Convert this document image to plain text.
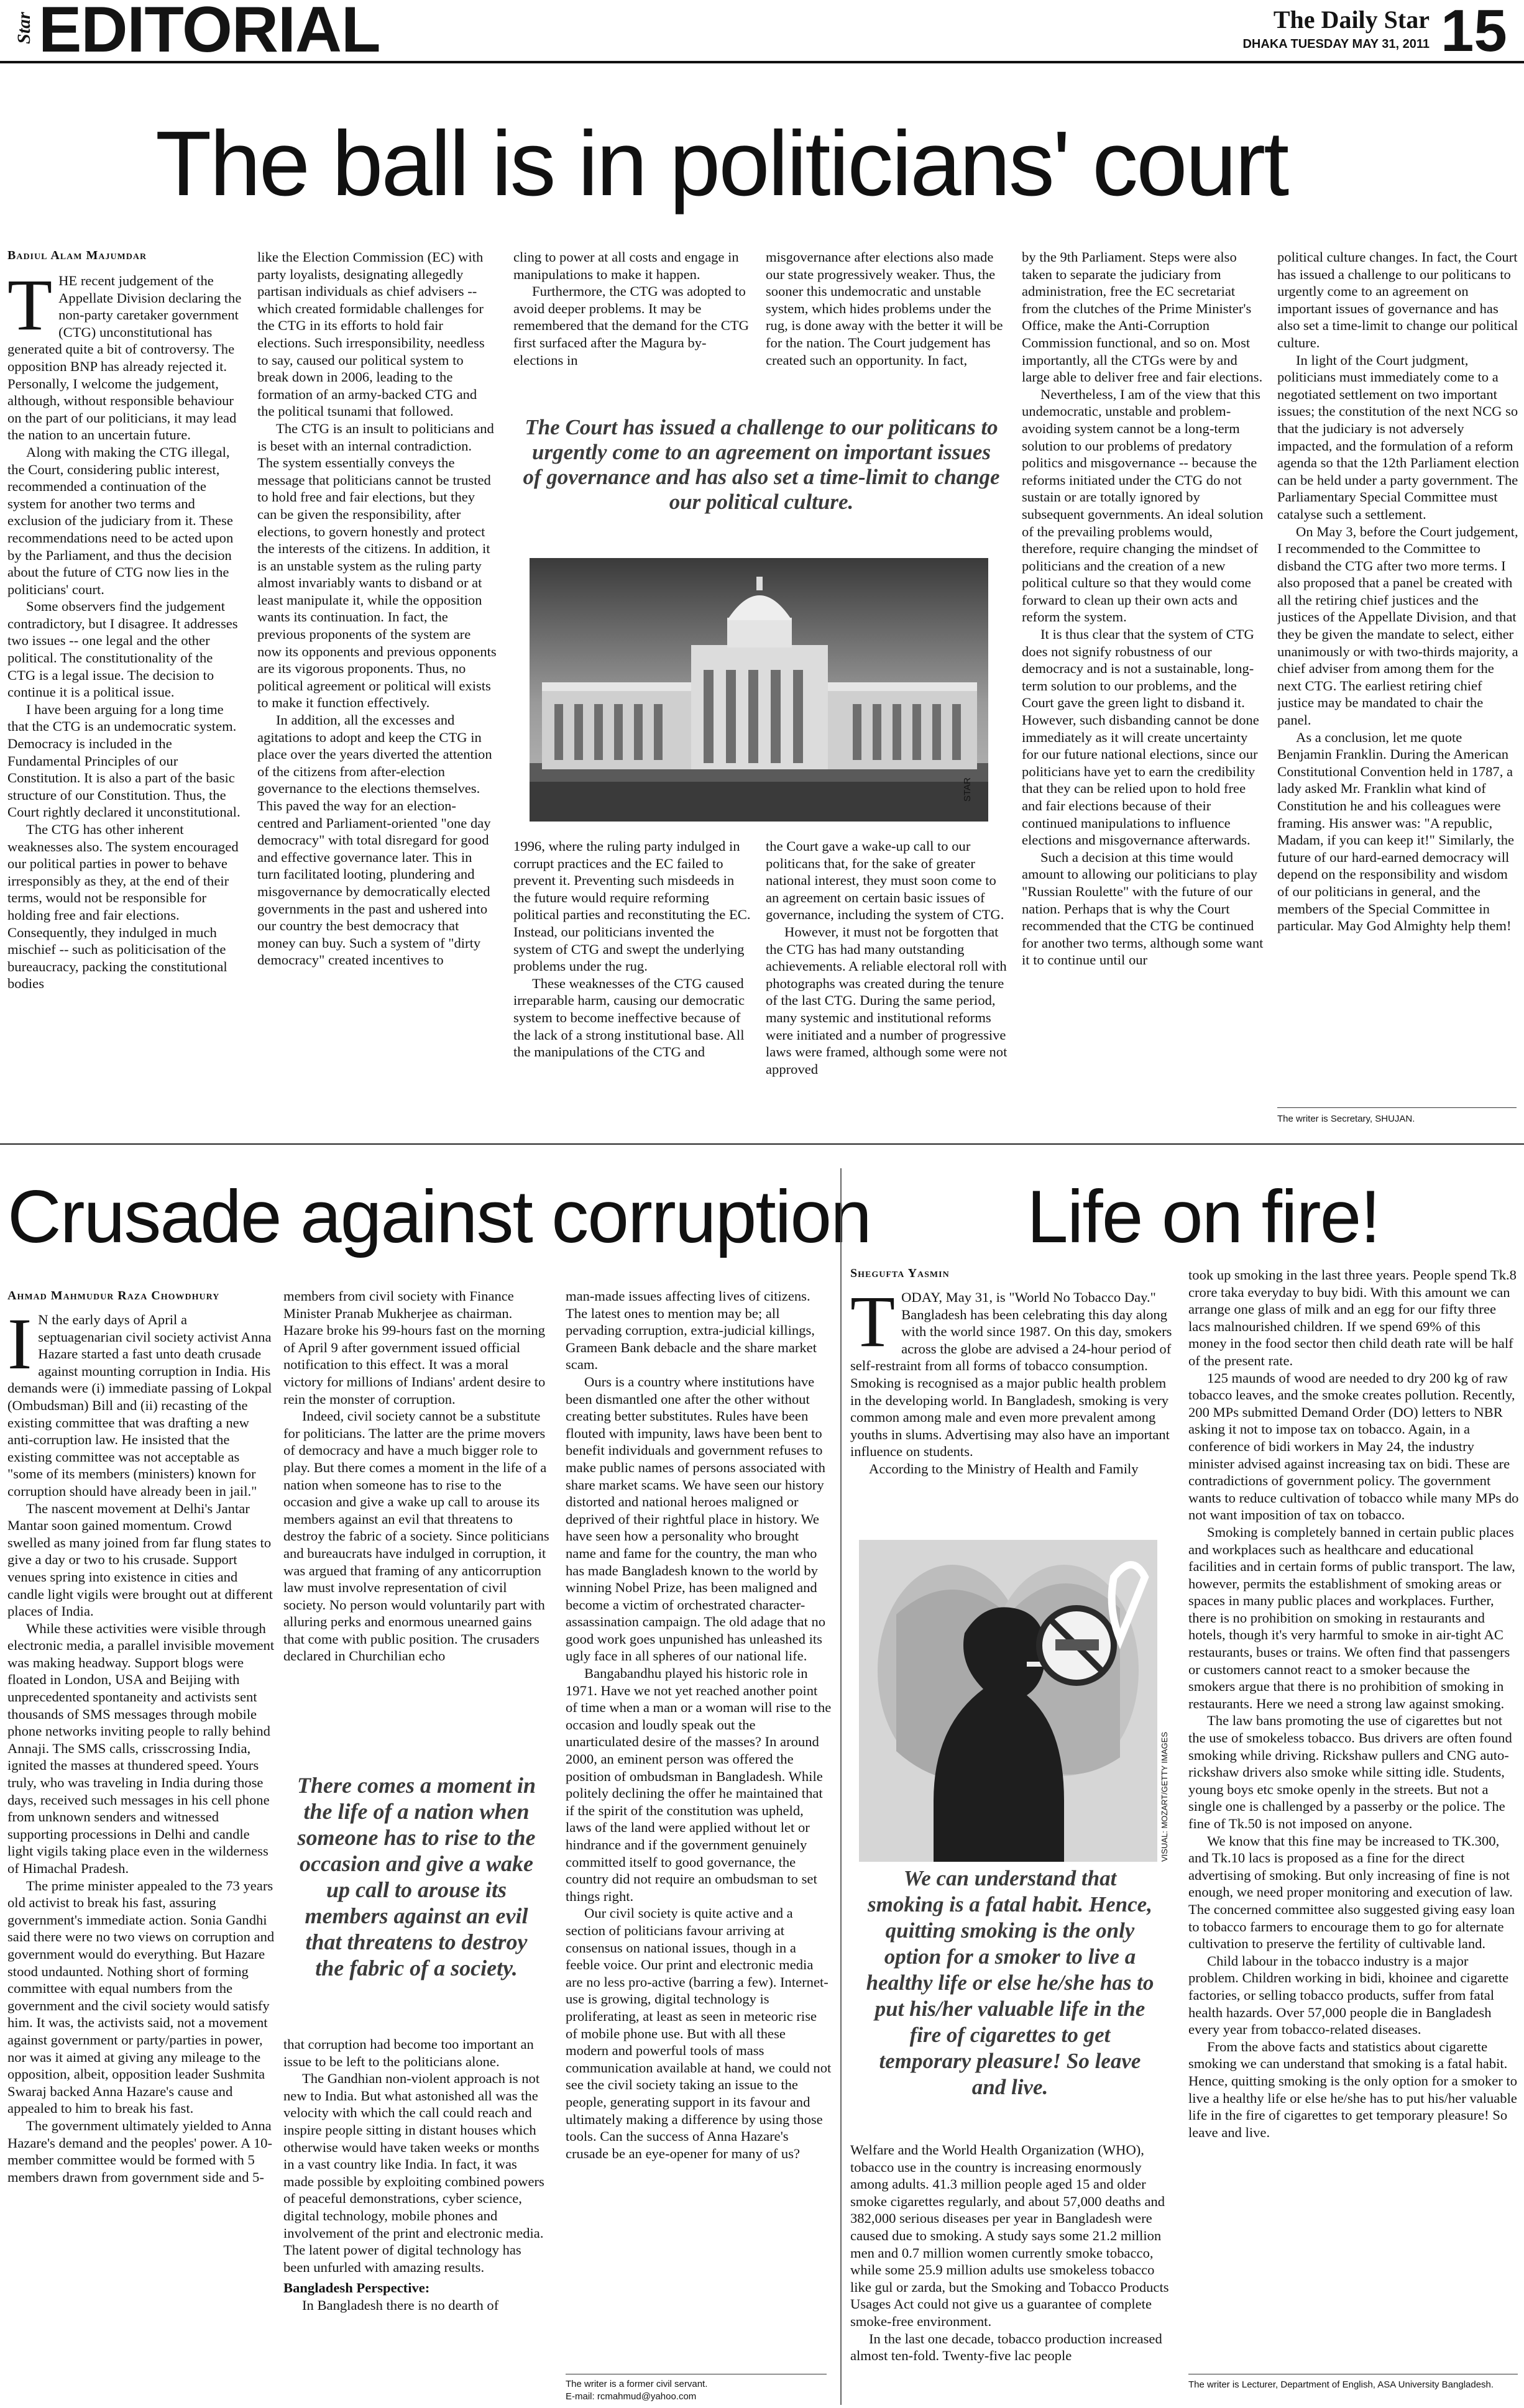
Star EDITORIAL	The Daily Star
DHAKA TUESDAY MAY 31, 2011 15
The ball is in politicians' court
Badiul Alam Majumdar
T HE recent judgement of the Appellate Division declaring the non-party caretaker government (CTG) unconstitutional has generated quite a bit of controversy. The opposition BNP has already rejected it. Personally, I welcome the judgement, although, without responsible behaviour on the part of our politicians, it may lead the nation to an uncertain future.

Along with making the CTG illegal, the Court, considering public interest, recommended a continuation of the system for another two terms and exclusion of the judiciary from it. These recommendations need to be acted upon by the Parliament, and thus the decision about the future of CTG now lies in the politicians' court.

Some observers find the judgement contradictory, but I disagree. It addresses two issues -- one legal and the other political. The constitutionality of the CTG is a legal issue. The decision to continue it is a political issue.

I have been arguing for a long time that the CTG is an undemocratic system. Democracy is included in the Fundamental Principles of our Constitution. It is also a part of the basic structure of our Constitution. Thus, the Court rightly declared it unconstitutional.

The CTG has other inherent weaknesses also. The system encouraged our political parties in power to behave irresponsibly as they, at the end of their terms, would not be responsible for holding free and fair elections. Consequently, they indulged in much mischief -- such as politicisation of the bureaucracy, packing the constitutional bodies

like the Election Commission (EC) with party loyalists, designating allegedly partisan individuals as chief advisers -- which created formidable challenges for the CTG in its efforts to hold fair elections. Such irresponsibility, needless to say, caused our political system to break down in 2006, leading to the formation of an army-backed CTG and the political tsunami that followed.

The CTG is an insult to politicians and is beset with an internal contradiction. The system essentially conveys the message that politicians cannot be trusted to hold free and fair elections, but they can be given the responsibility, after elections, to govern honestly and protect the interests of the citizens. In addition, it is an unstable system as the ruling party almost invariably wants to disband or at least manipulate it, while the opposition wants its continuation. In fact, the previous proponents of the system are now its opponents and previous opponents are its vigorous proponents. Thus, no political agreement or political will exists to make it function effectively.

In addition, all the excesses and agitations to adopt and keep the CTG in place over the years diverted the attention of the citizens from after-election governance to the elections themselves. This paved the way for an election-centred and Parliament-oriented "one day democracy" with total disregard for good and effective governance later. This in turn facilitated looting, plundering and misgovernance by democratically elected governments in the past and ushered into our country the best democracy that money can buy. Such a system of "dirty democracy" created incentives to

cling to power at all costs and engage in manipulations to make it happen.

Furthermore, the CTG was adopted to avoid deeper problems. It may be remembered that the demand for the CTG first surfaced after the Magura by-elections in

misgovernance after elections also made our state progressively weaker. Thus, the sooner this undemocratic and unstable system, which hides problems under the rug, is done away with the better it will be for the nation. The Court judgement has created such an opportunity. In fact,

The Court has issued a challenge to our politicans to urgently come to an agreement on important issues of governance and has also set a time-limit to change our political culture.
STAR

1996, where the ruling party indulged in corrupt practices and the EC failed to prevent it. Preventing such misdeeds in the future would require reforming political parties and reconstituting the EC. Instead, our politicians invented the system of CTG and swept the underlying problems under the rug.

These weaknesses of the CTG caused irreparable harm, causing our democratic system to become ineffective because of the lack of a strong institutional base. All the manipulations of the CTG and

the Court gave a wake-up call to our politicans that, for the sake of greater national interest, they must soon come to an agreement on certain basic issues of governance, including the system of CTG.

However, it must not be forgotten that the CTG has had many outstanding achievements. A reliable electoral roll with photographs was created during the tenure of the last CTG. During the same period, many systemic and institutional reforms were initiated and a number of progressive laws were framed, although some were not approved

by the 9th Parliament. Steps were also taken to separate the judiciary from administration, free the EC secretariat from the clutches of the Prime Minister's Office, make the Anti-Corruption Commission functional, and so on. Most importantly, all the CTGs were by and large able to deliver free and fair elections.

Nevertheless, I am of the view that this undemocratic, unstable and problem-avoiding system cannot be a long-term solution to our problems of predatory politics and misgovernance -- because the reforms initiated under the CTG do not sustain or are totally ignored by subsequent governments. An ideal solution of the prevailing problems would, therefore, require changing the mindset of politicians and the creation of a new political culture so that they would come forward to clean up their own acts and reform the system.

It is thus clear that the system of CTG does not signify robustness of our democracy and is not a sustainable, long-term solution to our problems, and the Court gave the green light to disband it. However, such disbanding cannot be done immediately as it will create uncertainty for our future national elections, since our politicians have yet to earn the credibility that they can be relied upon to hold free and fair elections because of their continued manipulations to influence elections and misgovernance afterwards.

Such a decision at this time would amount to allowing our politicians to play "Russian Roulette" with the future of our nation. Perhaps that is why the Court recommended that the CTG be continued for another two terms, although some want it to continue until our

political culture changes. In fact, the Court has issued a challenge to our politicans to urgently come to an agreement on important issues of governance and has also set a time-limit to change our political culture.

In light of the Court judgment, politicians must immediately come to a negotiated settlement on two important issues; the constitution of the next NCG so that the judiciary is not adversely impacted, and the formulation of a reform agenda so that the 12th Parliament election can be held under a party government. The Parliamentary Special Committee must catalyse such a settlement.

On May 3, before the Court judgement, I recommended to the Committee to disband the CTG after two more terms. I also proposed that a panel be created with all the retiring chief justices and the justices of the Appellate Division, and that they be given the mandate to select, either unanimously or with two-thirds majority, a chief adviser from among them for the next CTG. The earliest retiring chief justice may be mandated to chair the panel.

As a conclusion, let me quote Benjamin Franklin. During the American Constitutional Convention held in 1787, a lady asked Mr. Franklin what kind of Constitution he and his colleagues were framing. His answer was: "A republic, Madam, if you can keep it!" Similarly, the future of our hard-earned democracy will depend on the responsibility and wisdom of our politicians in general, and the members of the Special Committee in particular. May God Almighty help them!

The writer is Secretary, SHUJAN.
Crusade against corruption
Ahmad Mahmudur Raza Chowdhury
I N the early days of April a septuagenarian civil society activist Anna Hazare started a fast unto death crusade against mounting corruption in India. His demands were (i) immediate passing of Lokpal (Ombudsman) Bill and (ii) recasting of the existing committee that was drafting a new anti-corruption law. He insisted that the existing committee was not acceptable as "some of its members (ministers) known for corruption should have already been in jail."

The nascent movement at Delhi's Jantar Mantar soon gained momentum. Crowd swelled as many joined from far flung states to give a day or two to his crusade. Support venues spring into existence in cities and candle light vigils were brought out at different places of India.

While these activities were visible through electronic media, a parallel invisible movement was making headway. Support blogs were floated in London, USA and Beijing with unprecedented spontaneity and activists sent thousands of SMS messages through mobile phone networks inviting people to rally behind Annaji. The SMS calls, crisscrossing India, ignited the masses at thundered speed. Yours truly, who was traveling in India during those days, received such messages in his cell phone from unknown senders and witnessed supporting processions in Delhi and candle light vigils taking place even in the wilderness of Himachal Pradesh.

The prime minister appealed to the 73 years old activist to break his fast, assuring government's immediate action. Sonia Gandhi said there were no two views on corruption and government would do everything. But Hazare stood undaunted. Nothing short of forming committee with equal numbers from the government and the civil society would satisfy him. It was, the activists said, not a movement against government or party/parties in power, nor was it aimed at giving any mileage to the opposition, albeit, opposition leader Sushmita Swaraj backed Anna Hazare's cause and appealed to him to break his fast.

The government ultimately yielded to Anna Hazare's demand and the peoples' power. A 10-member committee would be formed with 5 members drawn from government side and 5-

members from civil society with Finance Minister Pranab Mukherjee as chairman. Hazare broke his 99-hours fast on the morning of April 9 after government issued official notification to this effect. It was a moral victory for millions of Indians' ardent desire to rein the monster of corruption.

Indeed, civil society cannot be a substitute for politicians. The latter are the prime movers of democracy and have a much bigger role to play. But there comes a moment in the life of a nation when someone has to rise to the occasion and give a wake up call to arouse its members against an evil that threatens to destroy the fabric of a society. Since politicians and bureaucrats have indulged in corruption, it was argued that framing of any anticorruption law must involve representation of civil society. No person would voluntarily part with alluring perks and enormous unearned gains that come with public position. The crusaders declared in Churchilian echo

There comes a moment in the life of a nation when someone has to rise to the occasion and give a wake up call to arouse its members against an evil that threatens to destroy the fabric of a society.

that corruption had become too important an issue to be left to the politicians alone.

The Gandhian non-violent approach is not new to India. But what astonished all was the velocity with which the call could reach and inspire people sitting in distant houses which otherwise would have taken weeks or months in a vast country like India. In fact, it was made possible by exploiting combined powers of peaceful demonstrations, cyber science, digital technology, mobile phones and involvement of the print and electronic media. The latent power of digital technology has been unfurled with amazing results.

Bangladesh Perspective:

In Bangladesh there is no dearth of

man-made issues affecting lives of citizens. The latest ones to mention may be; all pervading corruption, extra-judicial killings, Grameen Bank debacle and the share market scam.

Ours is a country where institutions have been dismantled one after the other without creating better substitutes. Rules have been flouted with impunity, laws have been bent to benefit individuals and government refuses to make public names of persons associated with share market scams. We have seen our history distorted and national heroes maligned or deprived of their rightful place in history. We have seen how a personality who brought name and fame for the country, the man who has made Bangladesh known to the world by winning Nobel Prize, has been maligned and become a victim of orchestrated character-assassination campaign. The old adage that no good work goes unpunished has unleashed its ugly face in all spheres of our national life.

Bangabandhu played his historic role in 1971. Have we not yet reached another point of time when a man or a woman will rise to the occasion and loudly speak out the unarticulated desire of the masses? In around 2000, an eminent person was offered the position of ombudsman in Bangladesh. While politely declining the offer he maintained that if the spirit of the constitution was upheld, laws of the land were applied without let or hindrance and if the government genuinely committed itself to good governance, the country did not require an ombudsman to set things right.

Our civil society is quite active and a section of politicians favour arriving at consensus on national issues, though in a feeble voice. Our print and electronic media are no less pro-active (barring a few). Internet-use is growing, digital technology is proliferating, at least as seen in meteoric rise of mobile phone use. But with all these modern and powerful tools of mass communication available at hand, we could not see the civil society taking an issue to the people, generating support in its favour and ultimately making a difference by using those tools. Can the success of Anna Hazare's crusade be an eye-opener for many of us?

The writer is a former civil servant.
E-mail: rcmahmud@yahoo.com
Life on fire!
Shegufta Yasmin
T ODAY, May 31, is "World No Tobacco Day." Bangladesh has been celebrating this day along with the world since 1987. On this day, smokers across the globe are advised a 24-hour period of self-restraint from all forms of tobacco consumption. Smoking is recognised as a major public health problem in the developing world. In Bangladesh, smoking is very common among male and even more prevalent among youths in slums. Advertising may also have an important influence on students.

According to the Ministry of Health and Family

VISUAL: MOZART/GETTY IMAGES
We can understand that smoking is a fatal habit. Hence, quitting smoking is the only option for a smoker to live a healthy life or else he/she has to put his/her valuable life in the fire of cigarettes to get temporary pleasure! So leave and live.

Welfare and the World Health Organization (WHO), tobacco use in the country is increasing enormously among adults. 41.3 million people aged 15 and older smoke cigarettes regularly, and about 57,000 deaths and 382,000 serious diseases per year in Bangladesh were caused due to smoking. A study says some 21.2 million men and 0.7 million women currently smoke tobacco, while some 25.9 million adults use smokeless tobacco like gul or zarda, but the Smoking and Tobacco Products Usages Act could not give us a guarantee of complete smoke-free environment.

In the last one decade, tobacco production increased almost ten-fold. Twenty-five lac people

took up smoking in the last three years. People spend Tk.8 crore taka everyday to buy bidi. With this amount we can arrange one glass of milk and an egg for our fifty three lacs malnourished children. If we spend 69% of this money in the food sector then child death rate will be half of the present rate.

125 maunds of wood are needed to dry 200 kg of raw tobacco leaves, and the smoke creates pollution. Recently, 200 MPs submitted Demand Order (DO) letters to NBR asking it not to impose tax on tobacco. Again, in a conference of bidi workers in May 24, the industry minister advised against increasing tax on bidi. These are contradictions of government policy. The government wants to reduce cultivation of tobacco while many MPs do not want imposition of tax on tobacco.

Smoking is completely banned in certain public places and workplaces such as healthcare and educational facilities and in certain forms of public transport. The law, however, permits the establishment of smoking areas or spaces in many public places and workplaces. Further, there is no prohibition on smoking in restaurants and hotels, though it's very harmful to smoke in air-tight AC restaurants, buses or trains. We often find that passengers or customers cannot react to a smoker because the smokers argue that there is no prohibition of smoking in restaurants. Here we need a strong law against smoking.

The law bans promoting the use of cigarettes but not the use of smokeless tobacco. Bus drivers are often found smoking while driving. Rickshaw pullers and CNG auto-rickshaw drivers also smoke while sitting idle. Students, young boys etc smoke openly in the streets. But not a single one is challenged by a passerby or the police. The fine of Tk.50 is not imposed on anyone.

We know that this fine may be increased to TK.300, and Tk.10 lacs is proposed as a fine for the direct advertising of smoking. But only increasing of fine is not enough, we need proper monitoring and execution of law. The concerned committee also suggested giving easy loan to tobacco farmers to encourage them to go for alternate cultivation to preserve the fertility of cultivable land.

Child labour in the tobacco industry is a major problem. Children working in bidi, khoinee and cigarette factories, or selling tobacco products, suffer from fatal health hazards. Over 57,000 people die in Bangladesh every year from tobacco-related diseases.

From the above facts and statistics about cigarette smoking we can understand that smoking is a fatal habit. Hence, quitting smoking is the only option for a smoker to live a healthy life or else he/she has to put his/her valuable life in the fire of cigarettes to get temporary pleasure! So leave and live.

The writer is Lecturer, Department of English, ASA University Bangladesh.
